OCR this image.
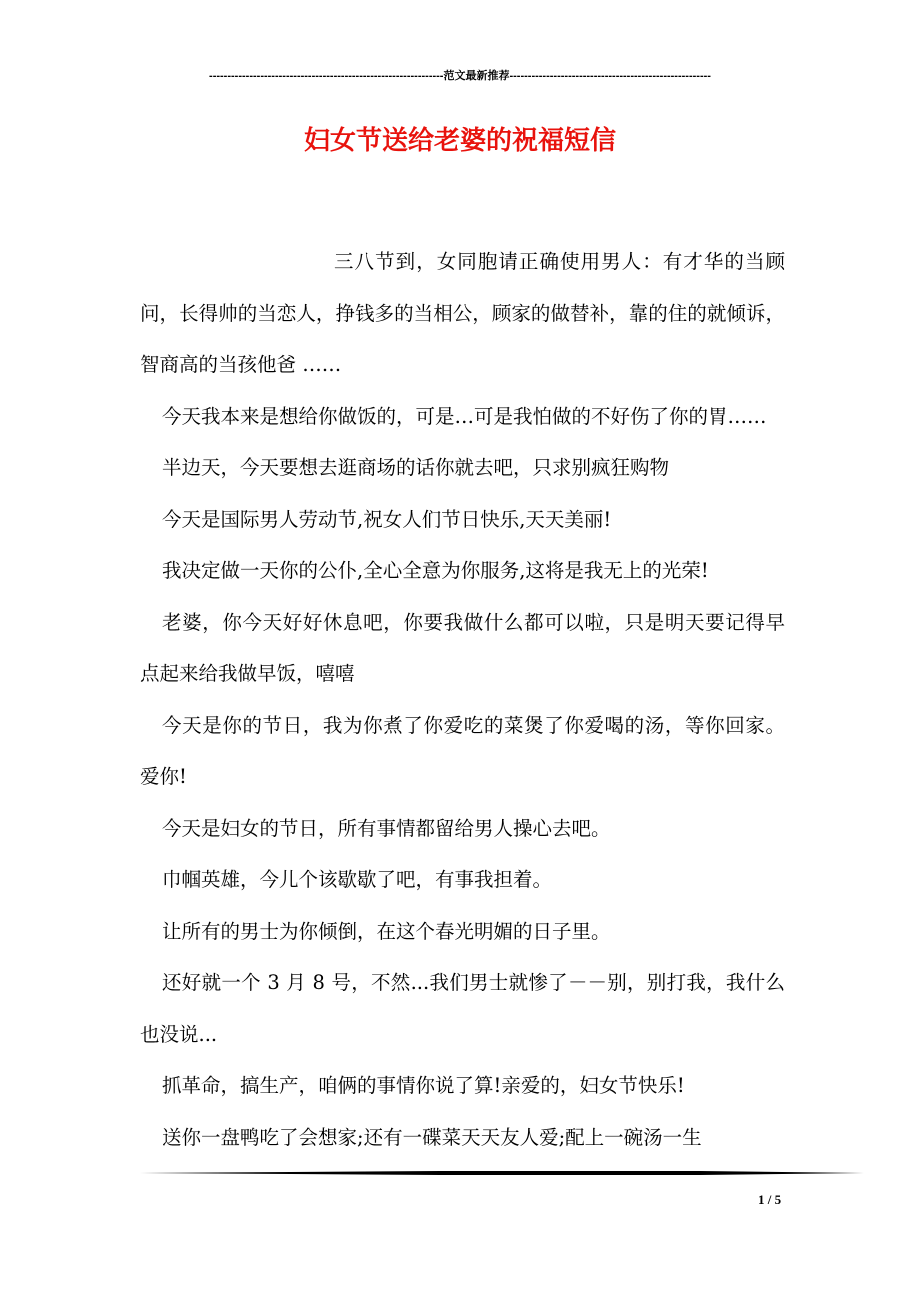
----------------------------------------------------------------范文最新推荐-------------------------------------------------------
妇女节送给老婆的祝福短信

三八节到，女同胞请正确使用男人：有才华的当顾问，长得帅的当恋人，挣钱多的当相公，顾家的做替补，靠的住的就倾诉，智商高的当孩他爸 ……

今天我本来是想给你做饭的，可是…可是我怕做的不好伤了你的胃……

半边天，今天要想去逛商场的话你就去吧，只求别疯狂购物

今天是国际男人劳动节,祝女人们节日快乐,天天美丽!

我决定做一天你的公仆,全心全意为你服务,这将是我无上的光荣!

老婆，你今天好好休息吧，你要我做什么都可以啦，只是明天要记得早点起来给我做早饭，嘻嘻

今天是你的节日，我为你煮了你爱吃的菜煲了你爱喝的汤，等你回家。爱你!

今天是妇女的节日，所有事情都留给男人操心去吧。

巾帼英雄，今儿个该歇歇了吧，有事我担着。

让所有的男士为你倾倒，在这个春光明媚的日子里。

还好就一个 3 月 8 号，不然...我们男士就惨了－－别，别打我，我什么也没说...

抓革命，搞生产，咱俩的事情你说了算!亲爱的，妇女节快乐!

送你一盘鸭吃了会想家;还有一碟菜天天友人爱;配上一碗汤一生

1 / 5
